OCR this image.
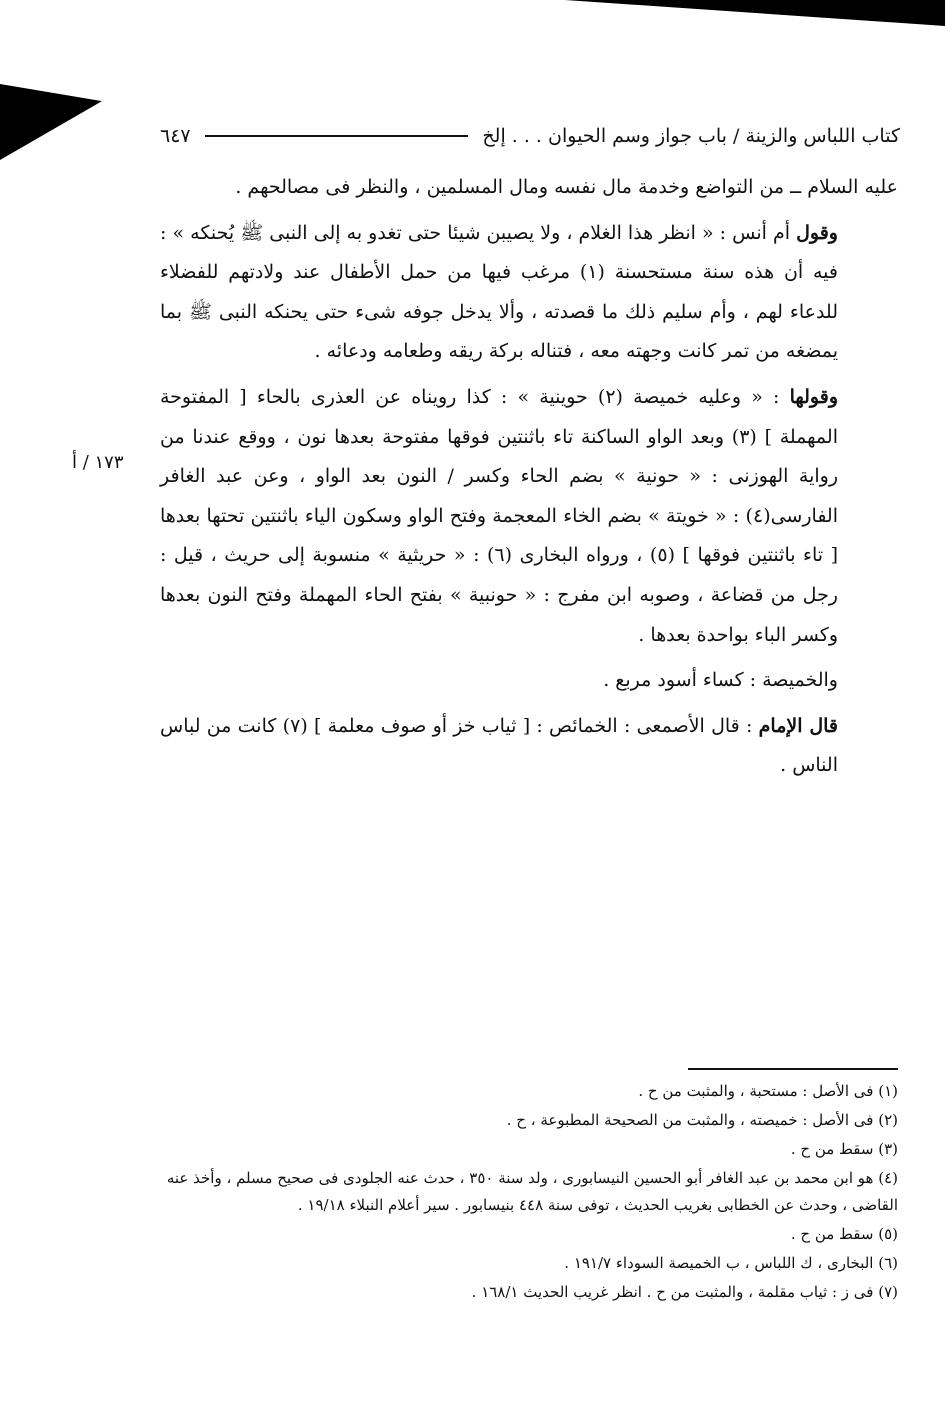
كتاب اللباس والزينة / باب جواز وسم الحيوان . . . إلخ
٦٤٧
١٧٣ / أ

عليه السلام ــ من التواضع وخدمة مال نفسه ومال المسلمين ، والنظر فى مصالحهم .

وقول أم أنس : « انظر هذا الغلام ، ولا يصيبن شيئا حتى تغدو به إلى النبى ﷺ يُحنكه » : فيه أن هذه سنة مستحسنة (١) مرغب فيها من حمل الأطفال عند ولادتهم للفضلاء للدعاء لهم ، وأم سليم ذلك ما قصدته ، وألا يدخل جوفه شىء حتى يحنكه النبى ﷺ بما يمضغه من تمر كانت وجهته معه ، فتناله بركة ريقه وطعامه ودعائه .

وقولها : « وعليه خميصة (٢) حوينية » : كذا رويناه عن العذرى بالحاء [ المفتوحة المهملة ] (٣) وبعد الواو الساكنة تاء باثنتين فوقها مفتوحة بعدها نون ، ووقع عندنا من رواية الهوزنى : « حونية » بضم الحاء وكسر / النون بعد الواو ، وعن عبد الغافر الفارسى(٤) : « خويتة » بضم الخاء المعجمة وفتح الواو وسكون الياء باثنتين تحتها بعدها [ تاء باثنتين فوقها ] (٥) ، ورواه البخارى (٦) : « حريثية » منسوبة إلى حريث ، قيل : رجل من قضاعة ، وصوبه ابن مفرج : « حونبية » بفتح الحاء المهملة وفتح النون بعدها وكسر الباء بواحدة بعدها .

والخميصة : كساء أسود مربع .

قال الإمام : قال الأصمعى : الخمائص : [ ثياب خز أو صوف معلمة ] (٧) كانت من لباس الناس .

(١) فى الأصل : مستحبة ، والمثبت من ح .
(٢) فى الأصل : خميصته ، والمثبت من الصحيحة المطبوعة ، ح .
(٣) سقط من ح .
(٤) هو ابن محمد بن عبد الغافر أبو الحسين النيسابورى ، ولد سنة ٣٥٠ ، حدث عنه الجلودى فى صحيح مسلم ، وأخذ عنه القاضى ، وحدث عن الخطابى بغريب الحديث ، توفى سنة ٤٤٨ بنيسابور . سير أعلام النبلاء ١٩/١٨ .
(٥) سقط من ح .
(٦) البخارى ، ك اللباس ، ب الخميصة السوداء ١٩١/٧ .
(٧) فى ز : ثياب مقلمة ، والمثبت من ح . انظر غريب الحديث ١٦٨/١ .
